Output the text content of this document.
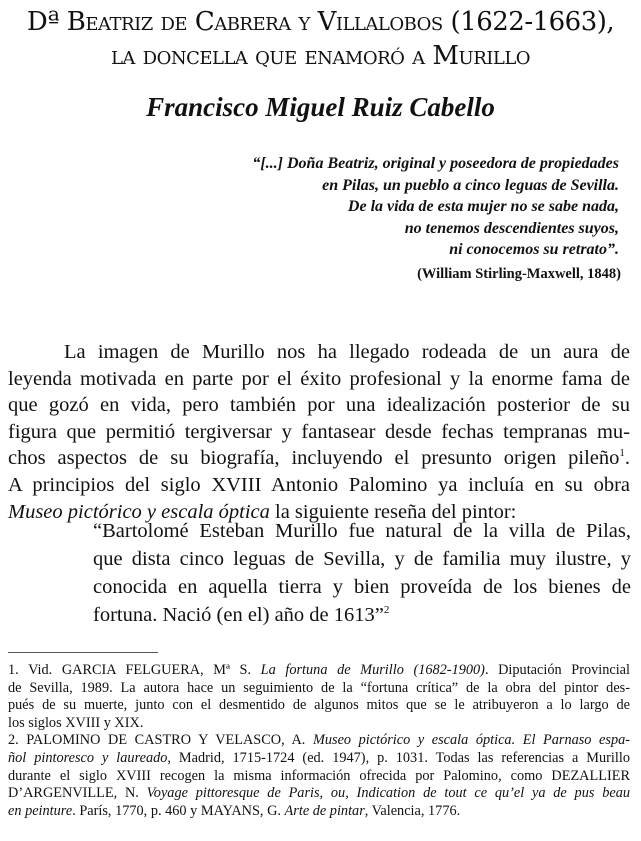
Dª Beatriz de Cabrera y Villalobos (1622-1663),
la doncella que enamoró a Murillo
Francisco Miguel Ruiz Cabello
“[...] Doña Beatriz, original y poseedora de propiedades
en Pilas, un pueblo a cinco leguas de Sevilla.
De la vida de esta mujer no se sabe nada,
no tenemos descendientes suyos,
ni conocemos su retrato”.
(William Stirling-Maxwell, 1848)
La imagen de Murillo nos ha llegado rodeada de un aura de
leyenda motivada en parte por el éxito profesional y la enorme fama de
que gozó en vida, pero también por una idealización posterior de su
figura que permitió tergiversar y fantasear desde fechas tempranas mu-
chos aspectos de su biografía, incluyendo el presunto origen pileño$^1$.
A principios del siglo XVIII Antonio Palomino ya incluía en su obra
Museo pictórico y escala óptica la siguiente reseña del pintor:
“Bartolomé Esteban Murillo fue natural de la villa de Pilas,
que dista cinco leguas de Sevilla, y de familia muy ilustre, y
conocida en aquella tierra y bien proveída de los bienes de
fortuna. Nació (en el) año de 1613”$^2$
1. Vid. GARCIA FELGUERA, Mª S. La fortuna de Murillo (1682-1900). Diputación Provincial
de Sevilla, 1989. La autora hace un seguimiento de la “fortuna crítica” de la obra del pintor des-
pués de su muerte, junto con el desmentido de algunos mitos que se le atribuyeron a lo largo de
los siglos XVIII y XIX.
2. PALOMINO DE CASTRO Y VELASCO, A. Museo pictórico y escala óptica. El Parnaso espa-
ñol pintoresco y laureado, Madrid, 1715-1724 (ed. 1947), p. 1031. Todas las referencias a Murillo
durante el siglo XVIII recogen la misma información ofrecida por Palomino, como DEZALLIER
D’ARGENVILLE, N. Voyage pittoresque de Paris, ou, Indication de tout ce qu’el ya de pus beau
en peinture. París, 1770, p. 460 y MAYANS, G. Arte de pintar, Valencia, 1776.
